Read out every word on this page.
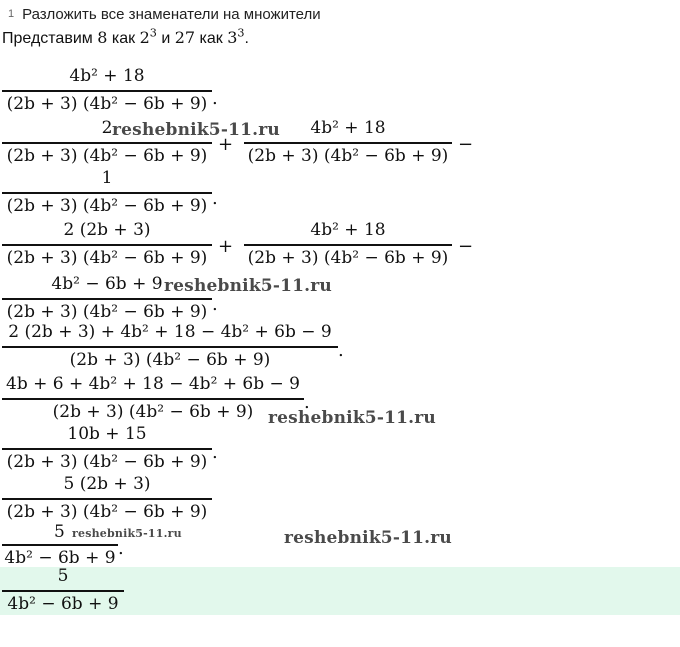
1 Разложить все знаменатели на множители
Представим 8 как $2^3$ и 27 как $3^3$.
4b² + 18
(2b + 3) (4b² − 6b + 9) .
2
(2b + 3) (4b² − 6b + 9)
+
4b² + 18
(2b + 3) (4b² − 6b + 9)
−
1
(2b + 3) (4b² − 6b + 9) .
2 (2b + 3)
(2b + 3) (4b² − 6b + 9)
+
4b² + 18
(2b + 3) (4b² − 6b + 9)
−
4b² − 6b + 9
(2b + 3) (4b² − 6b + 9) .
2 (2b + 3) + 4b² + 18 − 4b² + 6b − 9
(2b + 3) (4b² − 6b + 9)	.
4b + 6 + 4b² + 18 − 4b² + 6b − 9
(2b + 3) (4b² − 6b + 9)	.
10b + 15
(2b + 3) (4b² − 6b + 9) .
5 (2b + 3)
(2b + 3) (4b² − 6b + 9)
5
4b² − 6b + 9 .
5
4b² − 6b + 9
reshebnik5-11.ru
reshebnik5-11.ru
reshebnik5-11.ru
reshebnik5-11.ru
reshebnik5-11.ru
